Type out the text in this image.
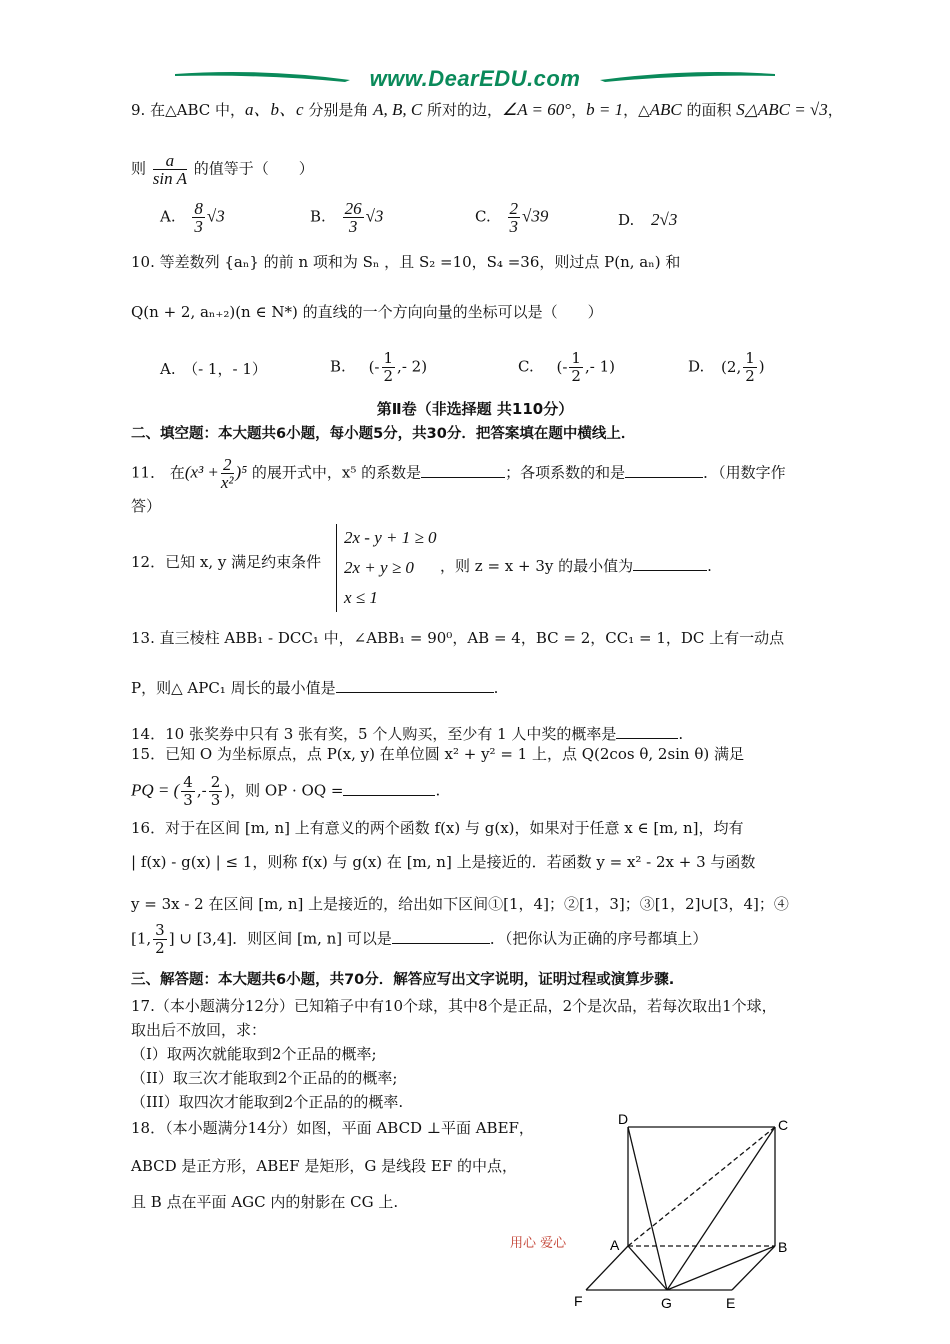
www.DearEDU.com
9. 在△ABC 中，a、b、c 分别是角 A, B, C 所对的边，∠A = 60°，b = 1，△ABC 的面积 S△ABC = √3，
则 $\frac{a}{\text{sin A}}$ 的值等于（　　）
A. $\frac{8}{3} √3$	B. $\frac{26}{3} √3$	C. $\frac{2}{3} √39$	D. 2√3
10. 等差数列 {aₙ} 的前 n 项和为 Sₙ ，且 S₂ =10，S₄ =36，则过点 P(n, aₙ) 和
Q(n + 2, aₙ₊₂)(n ∈ N*) 的直线的一个方向向量的坐标可以是（　　）
A.　（- 1，- 1）	B. (- $\frac{1}{2}$ ,- 2)	C. (- $\frac{1}{2}$ ,- 1)	D. (2, $\frac{1}{2}$ )
第Ⅱ卷（非选择题 共110分）
二、填空题：本大题共6小题，每小题5分，共30分．把答案填在题中横线上．
11． 在$(x^3 + \frac{2}{\text{x²}} )^5$ 的展开式中，x⁵ 的系数是	；各项系数的和是	．（用数字作
答）
12．已知 x, y 满足约束条件
2x - y + 1 ≥ 0
2x + y ≥ 0
x ≤ 1
，则 z = x + 3y 的最小值为	.
13. 直三棱柱 ABB₁ - DCC₁ 中，∠ABB₁ = 90⁰，AB = 4，BC = 2，CC₁ = 1，DC 上有一动点
P，则△ APC₁ 周长的最小值是	.
14．10 张奖券中只有 3 张有奖，5 个人购买，至少有 1 人中奖的概率是	.
15．已知 O 为坐标原点，点 P(x, y) 在单位圆 x² + y² = 1 上，点 Q(2cos θ, 2sin θ) 满足
PQ = ( $\frac{4}{3}$ ,- $\frac{2}{3}$ )，则 OP · OQ =	.
16．对于在区间 [m, n] 上有意义的两个函数 f(x) 与 g(x)，如果对于任意 x ∈ [m, n]，均有
| f(x) - g(x) | ≤ 1，则称 f(x) 与 g(x) 在 [m, n] 上是接近的．若函数 y = x² - 2x + 3 与函数
y = 3x - 2 在区间 [m, n] 上是接近的，给出如下区间①[1，4]；②[1，3]；③[1，2]∪[3，4]；④
[1, $\frac{3}{2}$ ] ∪ [3,4]．则区间 [m, n] 可以是	．（把你认为正确的序号都填上）
三、解答题：本大题共6小题，共70分．解答应写出文字说明，证明过程或演算步骤.
17.（本小题满分12分）已知箱子中有10个球，其中8个是正品，2个是次品，若每次取出1个球，
取出后不放回，求：
（I）取两次就能取到2个正品的概率;
（II）取三次才能取到2个正品的的概率;
（III）取四次才能取到2个正品的的概率.
18．（本小题满分14分）如图，平面 ABCD ⊥平面 ABEF，
ABCD 是正方形，ABEF 是矩形，G 是线段 EF 的中点，
且 B 点在平面 AGC 内的射影在 CG 上.
D	C
A	B
F	G	E
用心 爱心
